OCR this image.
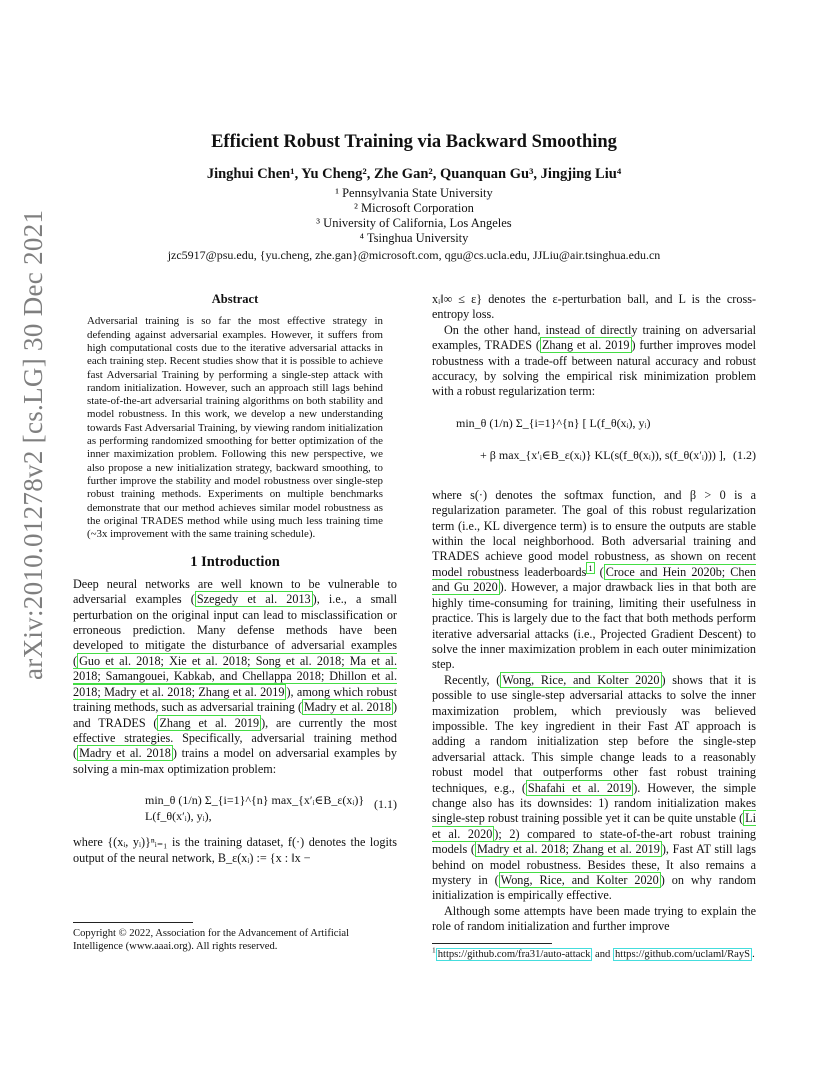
arXiv:2010.01278v2 [cs.LG] 30 Dec 2021
Efficient Robust Training via Backward Smoothing
Jinghui Chen¹, Yu Cheng², Zhe Gan², Quanquan Gu³, Jingjing Liu⁴
¹ Pennsylvania State University
² Microsoft Corporation
³ University of California, Los Angeles
⁴ Tsinghua University
jzc5917@psu.edu, {yu.cheng, zhe.gan}@microsoft.com, qgu@cs.ucla.edu, JJLiu@air.tsinghua.edu.cn
Abstract

Adversarial training is so far the most effective strategy in defending against adversarial examples. However, it suffers from high computational costs due to the iterative adversarial attacks in each training step. Recent studies show that it is possible to achieve fast Adversarial Training by performing a single-step attack with random initialization. However, such an approach still lags behind state-of-the-art adversarial training algorithms on both stability and model robustness. In this work, we develop a new understanding towards Fast Adversarial Training, by viewing random initialization as performing randomized smoothing for better optimization of the inner maximization problem. Following this new perspective, we also propose a new initialization strategy, backward smoothing, to further improve the stability and model robustness over single-step robust training methods. Experiments on multiple benchmarks demonstrate that our method achieves similar model robustness as the original TRADES method while using much less training time (~3x improvement with the same training schedule).

1 Introduction

Deep neural networks are well known to be vulnerable to adversarial examples ( Szegedy et al. 2013 ), i.e., a small perturbation on the original input can lead to misclassification or erroneous prediction. Many defense methods have been developed to mitigate the disturbance of adversarial examples ( Guo et al. 2018; Xie et al. 2018; Song et al. 2018; Ma et al. 2018; Samangouei, Kabkab, and Chellappa 2018; Dhillon et al. 2018; Madry et al. 2018; Zhang et al. 2019 ), among which robust training methods, such as adversarial training ( Madry et al. 2018 ) and TRADES ( Zhang et al. 2019 ), are currently the most effective strategies. Specifically, adversarial training method ( Madry et al. 2018 ) trains a model on adversarial examples by solving a min-max optimization problem:

min_θ (1/n) Σ_{i=1}^{n} max_{x′ᵢ∈B_ε(xᵢ)} L(f_θ(x′ᵢ), yᵢ),
(1.1)

where {(xᵢ, yᵢ)}ⁿᵢ₌₁ is the training dataset, f(·) denotes the logits output of the neural network, B_ε(xᵢ) := {x : ‖x −

xᵢ‖∞ ≤ ε} denotes the ε-perturbation ball, and L is the cross-entropy loss.

On the other hand, instead of directly training on adversarial examples, TRADES ( Zhang et al. 2019 ) further improves model robustness with a trade-off between natural accuracy and robust accuracy, by solving the empirical risk minimization problem with a robust regularization term:

min_θ (1/n) Σ_{i=1}^{n} [ L(f_θ(xᵢ), yᵢ)
+ β max_{x′ᵢ∈B_ε(xᵢ)} KL(s(f_θ(xᵢ)), s(f_θ(x′ᵢ))) ], (1.2)

where s(·) denotes the softmax function, and β > 0 is a regularization parameter. The goal of this robust regularization term (i.e., KL divergence term) is to ensure the outputs are stable within the local neighborhood. Both adversarial training and TRADES achieve good model robustness, as shown on recent model robustness leaderboards $^1$ ( Croce and Hein 2020b; Chen and Gu 2020 ). However, a major drawback lies in that both are highly time-consuming for training, limiting their usefulness in practice. This is largely due to the fact that both methods perform iterative adversarial attacks (i.e., Projected Gradient Descent) to solve the inner maximization problem in each outer minimization step.

Recently, ( Wong, Rice, and Kolter 2020 ) shows that it is possible to use single-step adversarial attacks to solve the inner maximization problem, which previously was believed impossible. The key ingredient in their Fast AT approach is adding a random initialization step before the single-step adversarial attack. This simple change leads to a reasonably robust model that outperforms other fast robust training techniques, e.g., ( Shafahi et al. 2019 ). However, the simple change also has its downsides: 1) random initialization makes single-step robust training possible yet it can be quite unstable ( Li et al. 2020 ); 2) compared to state-of-the-art robust training models ( Madry et al. 2018; Zhang et al. 2019 ), Fast AT still lags behind on model robustness. Besides these, It also remains a mystery in ( Wong, Rice, and Kolter 2020 ) on why random initialization is empirically effective.

Although some attempts have been made trying to explain the role of random initialization and further improve

$^1$ https://github.com/fra31/auto-attack and https://github.com/uclaml/RayS .
Copyright © 2022, Association for the Advancement of Artificial Intelligence (www.aaai.org). All rights reserved.
